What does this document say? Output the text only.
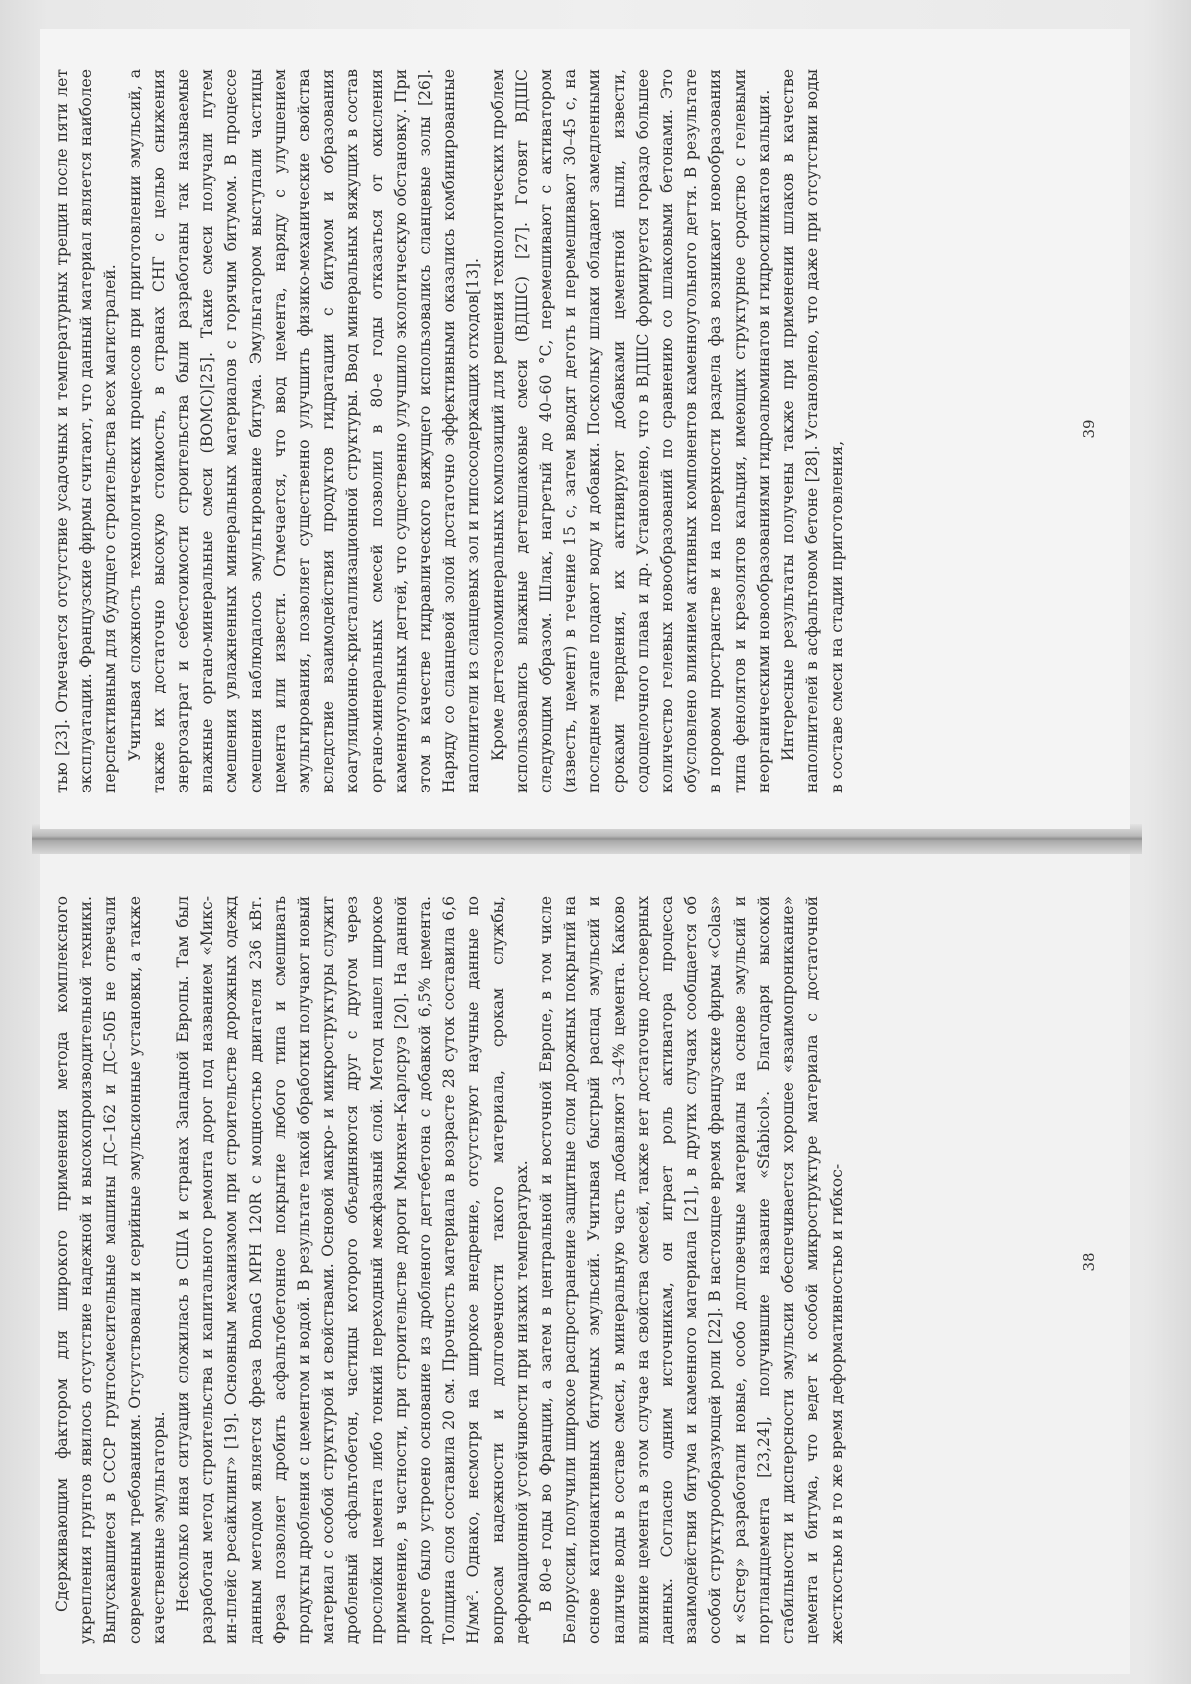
Сдерживающим фактором для широкого применения метода комплексного укрепления грунтов явилось отсутствие надежной и высокопроизводительной техники. Выпускавшиеся в СССР грунтосмесительные машины ДС–162 и ДС–50Б не отвечали современным требованиям. Отсутствовали и серийные эмульсионные установки, а также качественные эмульгаторы. Несколько иная ситуация сложилась в США и странах Западной Европы. Там был разработан метод строительства и капитального ремонта дорог под названием «Микс-ин-плейс ресайклинг» [19]. Основным механизмом при строительстве дорожных одежд данным методом является фреза BomaG MPH 120R с мощностью двигателя 236 кВт. Фреза позволяет дробить асфальтобетонное покрытие любого типа и смешивать продукты дробления с цементом и водой. В результате такой обработки получают новый материал с особой структурой и свойствами. Основой макро- и микроструктуры служит дробленый асфальтобетон, частицы которого объединяются друг с другом через прослойки цемента либо тонкий переходный межфазный слой. Метод нашел широкое применение, в частности, при строительстве дороги Мюнхен–Карлсруэ [20]. На данной дороге было устроено основание из дробленого дегтебетона с добавкой 6,5% цемента. Толщина слоя составила 20 см. Прочность материала в возрасте 28 суток составила 6,6 Н/мм². Однако, несмотря на широкое внедрение, отсутствуют научные данные по вопросам надежности и долговечности такого материала, срокам службы, деформационной устойчивости при низких температурах. В 80-е годы во Франции, а затем в центральной и восточной Европе, в том числе Белоруссии, получили широкое распространение защитные слои дорожных покрытий на основе катионактивных битумных эмульсий. Учитывая быстрый распад эмульсий и наличие воды в составе смеси, в минеральную часть добавляют 3–4% цемента. Каково влияние цемента в этом случае на свойства смесей, также нет достаточно достоверных данных. Согласно одним источникам, он играет роль активатора процесса взаимодействия битума и каменного материала [21], в других случаях сообщается об особой структурообразующей роли [22]. В настоящее время французские фирмы «Colas» и «Screg» разработали новые, особо долговечные материалы на основе эмульсий и портландцемента [23,24], получившие название «Sfabicol». Благодаря высокой стабильности и дисперсности эмульсии обеспечивается хорошее «взаимопроникание» цемента и битума, что ведет к особой микроструктуре материала с достаточной жесткостью и в то же время деформативностью и гибкос-	38

тью [23]. Отмечается отсутствие усадочных и температурных трещин после пяти лет эксплуатации. Французские фирмы считают, что данный материал является наиболее перспективным для будущего строительства всех магистралей. Учитывая сложность технологических процессов при приготовлении эмульсий, а также их достаточно высокую стоимость, в странах СНГ с целью снижения энергозатрат и себестоимости строительства были разработаны так называемые влажные органо-минеральные смеси (ВОМС)[25]. Такие смеси получали путем смешения увлажненных минеральных материалов с горячим битумом. В процессе смешения наблюдалось эмульгирование битума. Эмульгатором выступали частицы цемента или извести. Отмечается, что ввод цемента, наряду с улучшением эмульгирования, позволяет существенно улучшить физико-механические свойства вследствие взаимодействия продуктов гидратации с битумом и образования коагуляционно-кристаллизационной структуры. Ввод минеральных вяжущих в состав органо-минеральных смесей позволил в 80-е годы отказаться от окисления каменноугольных дегтей, что существенно улучшило экологическую обстановку. При этом в качестве гидравлического вяжущего использовались сланцевые золы [26]. Наряду со сланцевой золой достаточно эффективными оказались комбинированные наполнители из сланцевых зол и гипсосодержащих отходов[13]. Кроме дегтезоломинеральных композиций для решения технологических проблем использовались влажные дегтешлаковые смеси (ВДШС) [27]. Готовят ВДШС следующим образом. Шлак, нагретый до 40–60 °С, перемешивают с активатором (известь, цемент) в течение 15 с, затем вводят деготь и перемешивают 30–45 с, на последнем этапе подают воду и добавки. Поскольку шлаки обладают замедленными сроками твердения, их активируют добавками цементной пыли, извести, содощелочного плава и др. Установлено, что в ВДШС формируется гораздо большее количество гелевых новообразований по сравнению со шлаковыми бетонами. Это обусловлено влиянием активных компонентов каменноугольного дегтя. В результате в поровом пространстве и на поверхности раздела фаз возникают новообразования типа фенолятов и крезолятов кальция, имеющих структурное сродство с гелевыми неорганическими новообразованиями гидроалюминатов и гидросиликатов кальция. Интересные результаты получены также при применении шлаков в качестве наполнителей в асфальтовом бетоне [28]. Установлено, что даже при отсутствии воды в составе смеси на стадии приготовления,

39
